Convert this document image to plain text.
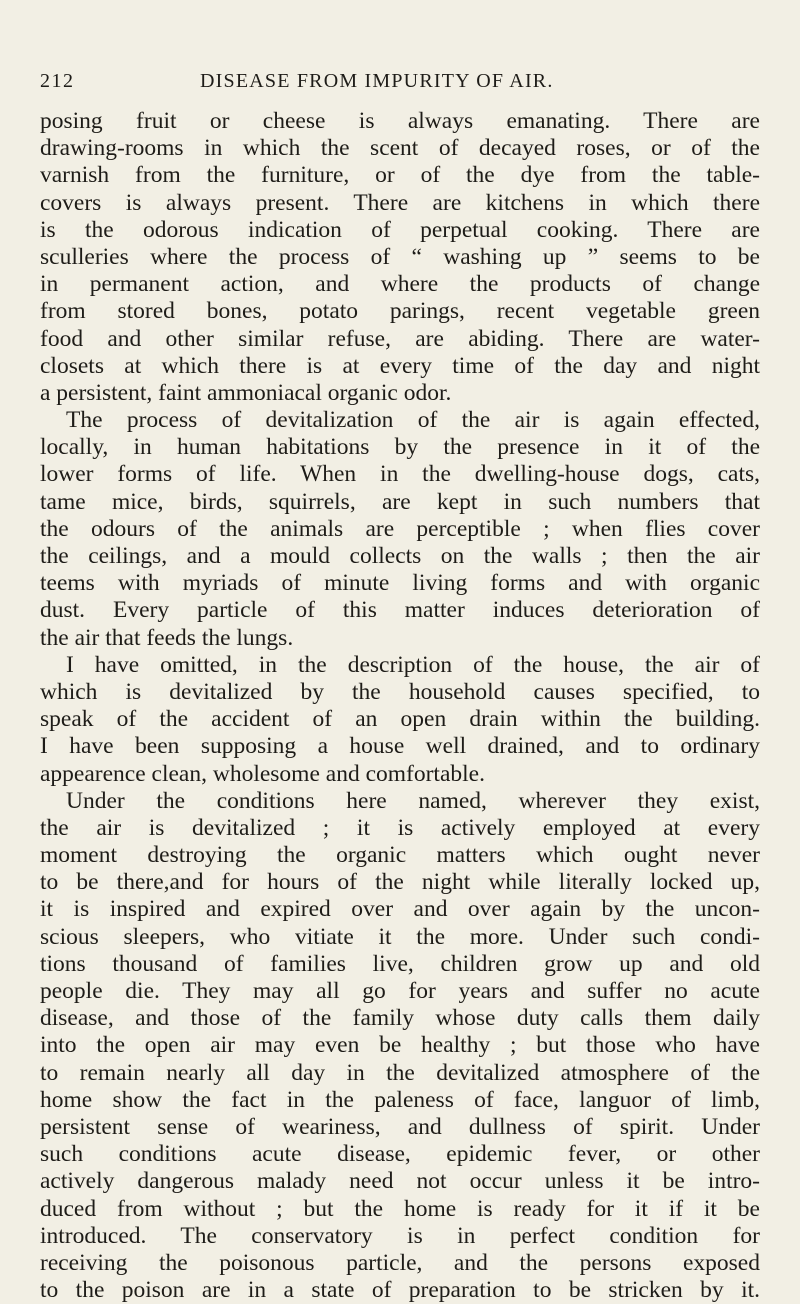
212	DISEASE FROM IMPURITY OF AIR.
posing fruit or cheese is always emanating. There are
drawing-rooms in which the scent of decayed roses, or of the
varnish from the furniture, or of the dye from the table-
covers is always present. There are kitchens in which there
is the odorous indication of perpetual cooking. There are
sculleries where the process of “ washing up ” seems to be
in permanent action, and where the products of change
from stored bones, potato parings, recent vegetable green
food and other similar refuse, are abiding. There are water-
closets at which there is at every time of the day and night
a persistent, faint ammoniacal organic odor.
The process of devitalization of the air is again effected,
locally, in human habitations by the presence in it of the
lower forms of life. When in the dwelling-house dogs, cats,
tame mice, birds, squirrels, are kept in such numbers that
the odours of the animals are perceptible ; when flies cover
the ceilings, and a mould collects on the walls ; then the air
teems with myriads of minute living forms and with organic
dust. Every particle of this matter induces deterioration of
the air that feeds the lungs.
I have omitted, in the description of the house, the air of
which is devitalized by the household causes specified, to
speak of the accident of an open drain within the building.
I have been supposing a house well drained, and to ordinary
appearence clean, wholesome and comfortable.
Under the conditions here named, wherever they exist,
the air is devitalized ; it is actively employed at every
moment destroying the organic matters which ought never
to be there,and for hours of the night while literally locked up,
it is inspired and expired over and over again by the uncon-
scious sleepers, who vitiate it the more. Under such condi-
tions thousand of families live, children grow up and old
people die. They may all go for years and suffer no acute
disease, and those of the family whose duty calls them daily
into the open air may even be healthy ; but those who have
to remain nearly all day in the devitalized atmosphere of the
home show the fact in the paleness of face, languor of limb,
persistent sense of weariness, and dullness of spirit. Under
such conditions acute disease, epidemic fever, or other
actively dangerous malady need not occur unless it be intro-
duced from without ; but the home is ready for it if it be
introduced. The conservatory is in perfect condition for
receiving the poisonous particle, and the persons exposed
to the poison are in a state of preparation to be stricken by it.
